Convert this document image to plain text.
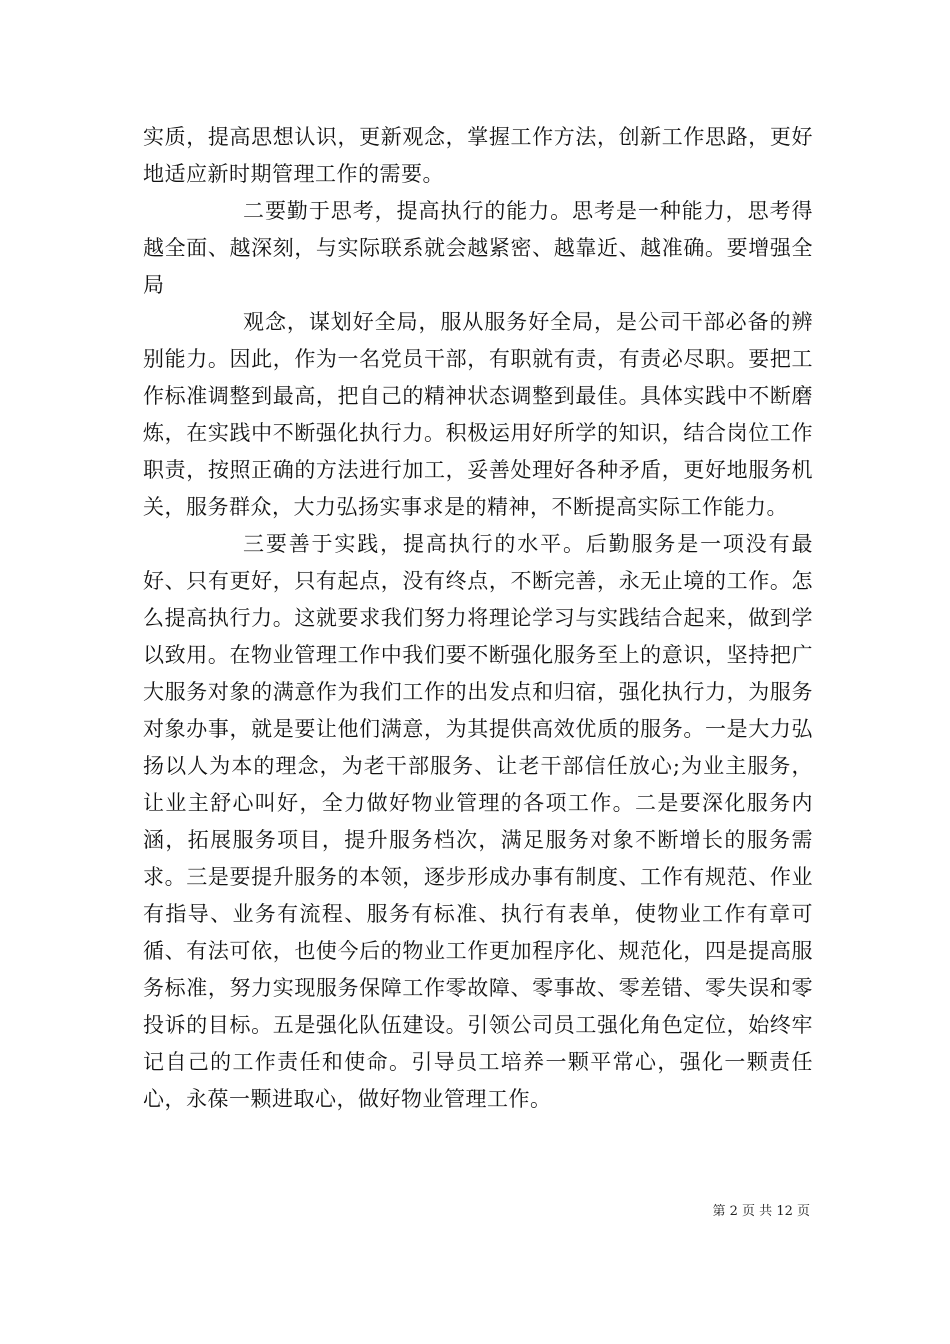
实质，提高思想认识，更新观念，掌握工作方法，创新工作思路，更好地适应新时期管理工作的需要。

二要勤于思考，提高执行的能力。思考是一种能力，思考得越全面、越深刻，与实际联系就会越紧密、越靠近、越准确。要增强全局

观念，谋划好全局，服从服务好全局，是公司干部必备的辨别能力。因此，作为一名党员干部，有职就有责，有责必尽职。要把工作标准调整到最高，把自己的精神状态调整到最佳。具体实践中不断磨炼，在实践中不断强化执行力。积极运用好所学的知识，结合岗位工作职责，按照正确的方法进行加工，妥善处理好各种矛盾，更好地服务机关，服务群众，大力弘扬实事求是的精神，不断提高实际工作能力。

三要善于实践，提高执行的水平。后勤服务是一项没有最好、只有更好，只有起点，没有终点，不断完善，永无止境的工作。怎么提高执行力。这就要求我们努力将理论学习与实践结合起来，做到学以致用。在物业管理工作中我们要不断强化服务至上的意识，坚持把广大服务对象的满意作为我们工作的出发点和归宿，强化执行力，为服务对象办事，就是要让他们满意，为其提供高效优质的服务。一是大力弘扬以人为本的理念，为老干部服务、让老干部信任放心;为业主服务，让业主舒心叫好，全力做好物业管理的各项工作。二是要深化服务内涵，拓展服务项目，提升服务档次，满足服务对象不断增长的服务需求。三是要提升服务的本领，逐步形成办事有制度、工作有规范、作业有指导、业务有流程、服务有标准、执行有表单，使物业工作有章可循、有法可依，也使今后的物业工作更加程序化、规范化，四是提高服务标准，努力实现服务保障工作零故障、零事故、零差错、零失误和零投诉的目标。五是强化队伍建设。引领公司员工强化角色定位，始终牢记自己的工作责任和使命。引导员工培养一颗平常心，强化一颗责任心，永葆一颗进取心，做好物业管理工作。

第 2 页 共 12 页
